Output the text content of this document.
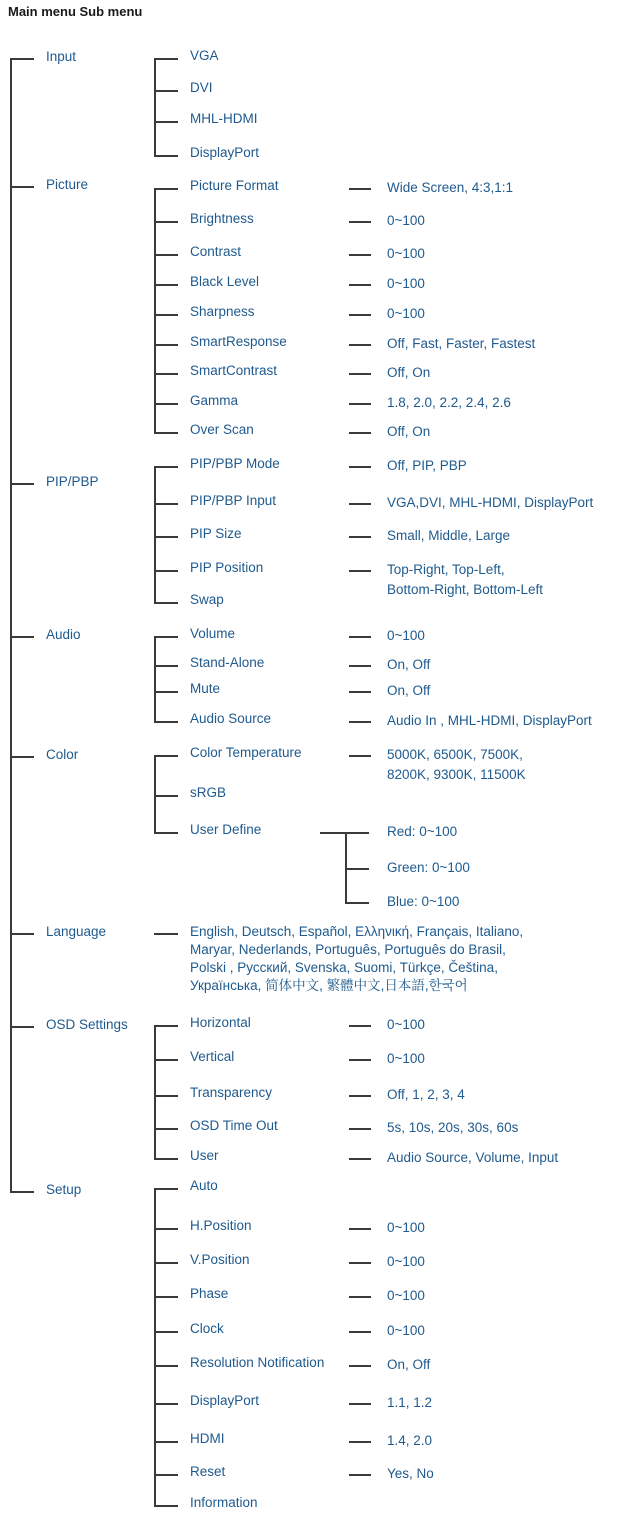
Main menu Sub menu
Input	VGA
DVI
MHL-HDMI
DisplayPort
Picture	Picture Format	Wide Screen, 4:3,1:1
Brightness	0~100
Contrast	0~100
Black Level	0~100
Sharpness	0~100
SmartResponse	Off, Fast, Faster, Fastest
SmartContrast	Off, On
Gamma	1.8, 2.0, 2.2, 2.4, 2.6
Over Scan	Off, On
PIP/PBP
PIP/PBP Mode	Off, PIP, PBP
PIP/PBP Input	VGA,DVI, MHL-HDMI, DisplayPort
PIP Size	Small, Middle, Large
PIP Position	Top-Right, Top-Left,
Bottom-Right, Bottom-Left
Swap
Audio	Volume	0~100
Stand-Alone	On, Off
Mute	On, Off
Audio Source	Audio In , MHL-HDMI, DisplayPort
Color	Color Temperature	5000K, 6500K, 7500K,
8200K, 9300K, 11500K
sRGB
User Define	Red: 0~100
Green: 0~100
Blue: 0~100
Language	English, Deutsch, Español, Ελληνική, Français, Italiano,
Maryar, Nederlands, Português, Português do Brasil,
Polski , Русский, Svenska, Suomi, Türkçe, Čeština,
Українська, 简体中文, 繁體中文,日本語,한국어
OSD Settings	Horizontal	0~100
Vertical	0~100
Transparency	Off, 1, 2, 3, 4
OSD Time Out	5s, 10s, 20s, 30s, 60s
User	Audio Source, Volume, Input
Setup	Auto
H.Position	0~100
V.Position	0~100
Phase	0~100
Clock	0~100
Resolution Notification	On, Off
DisplayPort	1.1, 1.2
HDMI	1.4, 2.0
Reset	Yes, No
Information
